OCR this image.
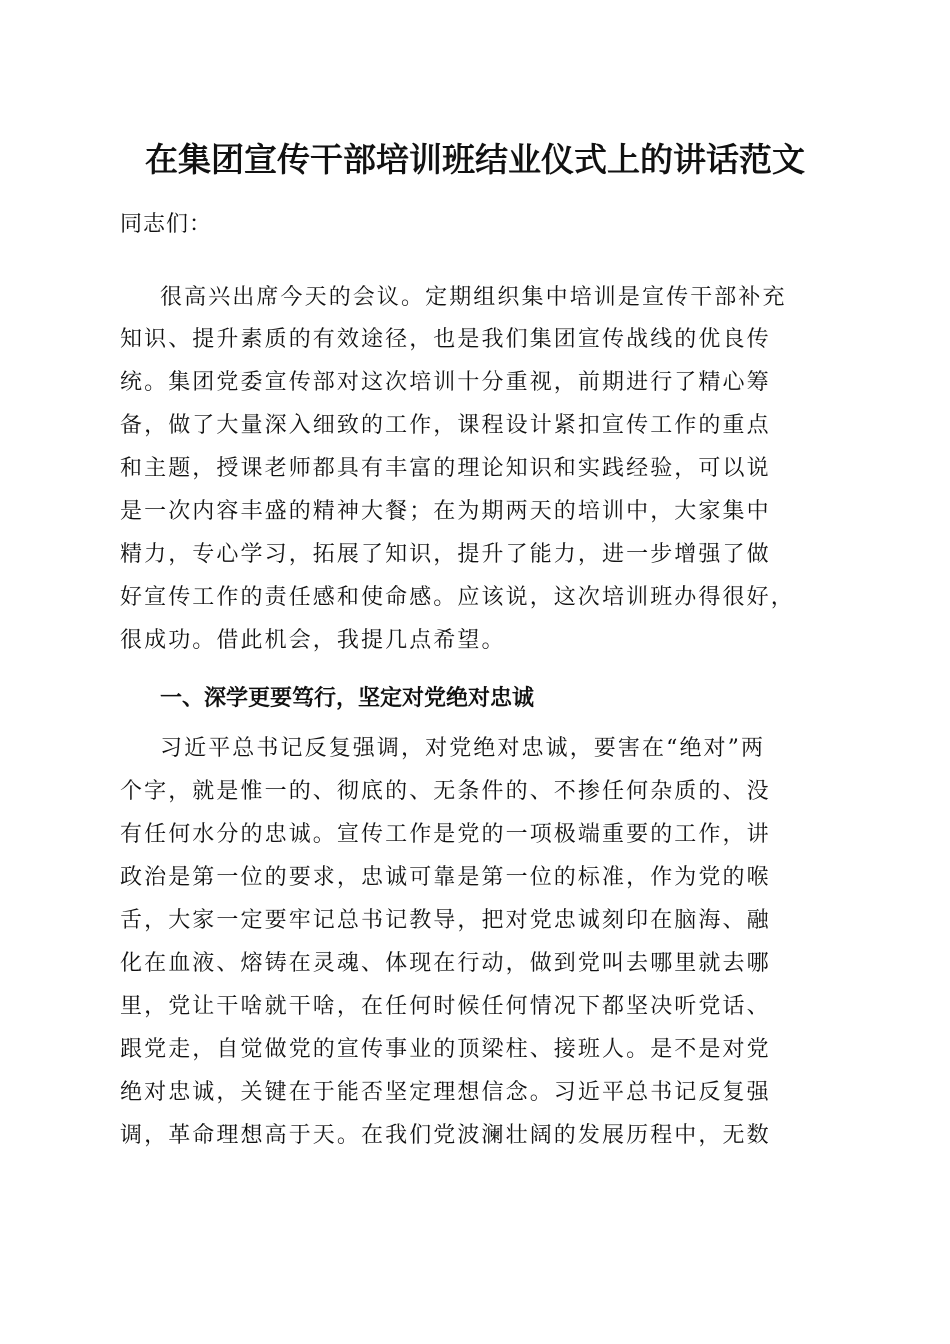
在集团宣传干部培训班结业仪式上的讲话范文
同志们：
很高兴出席今天的会议。定期组织集中培训是宣传干部补充
知识、提升素质的有效途径，也是我们集团宣传战线的优良传
统。集团党委宣传部对这次培训十分重视，前期进行了精心筹
备，做了大量深入细致的工作，课程设计紧扣宣传工作的重点
和主题，授课老师都具有丰富的理论知识和实践经验，可以说
是一次内容丰盛的精神大餐；在为期两天的培训中，大家集中
精力，专心学习，拓展了知识，提升了能力，进一步增强了做
好宣传工作的责任感和使命感。应该说，这次培训班办得很好，
很成功。借此机会，我提几点希望。
一、深学更要笃行，坚定对党绝对忠诚
习近平总书记反复强调，对党绝对忠诚，要害在“绝对”两
个字，就是惟一的、彻底的、无条件的、不掺任何杂质的、没
有任何水分的忠诚。宣传工作是党的一项极端重要的工作，讲
政治是第一位的要求，忠诚可靠是第一位的标准，作为党的喉
舌，大家一定要牢记总书记教导，把对党忠诚刻印在脑海、融
化在血液、熔铸在灵魂、体现在行动，做到党叫去哪里就去哪
里，党让干啥就干啥，在任何时候任何情况下都坚决听党话、
跟党走，自觉做党的宣传事业的顶梁柱、接班人。是不是对党
绝对忠诚，关键在于能否坚定理想信念。习近平总书记反复强
调，革命理想高于天。在我们党波澜壮阔的发展历程中，无数
